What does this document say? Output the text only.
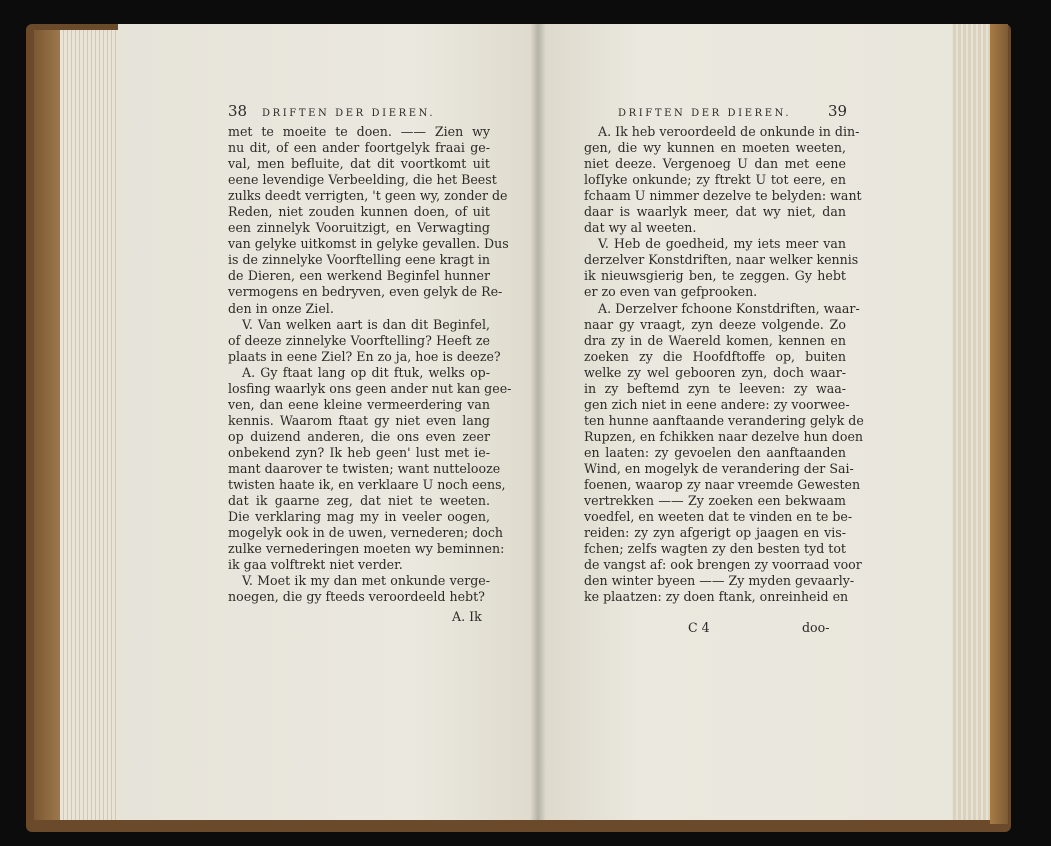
38 DRIFTEN DER DIEREN.
met te moeite te doen. —— Zien wy
nu dit, of een ander foortgelyk fraai ge-
val, men befluite, dat dit voortkomt uit
eene levendige Verbeelding, die het Beest
zulks deedt verrigten, 't geen wy, zonder de
Reden, niet zouden kunnen doen, of uit
een zinnelyk Vooruitzigt, en Verwagting
van gelyke uitkomst in gelyke gevallen. Dus
is de zinnelyke Voorftelling eene kragt in
de Dieren, een werkend Beginfel hunner
vermogens en bedryven, even gelyk de Re-
den in onze Ziel.
V. Van welken aart is dan dit Beginfel,
of deeze zinnelyke Voorftelling? Heeft ze
plaats in eene Ziel? En zo ja, hoe is deeze?
A. Gy ftaat lang op dit ftuk, welks op-
losfing waarlyk ons geen ander nut kan gee-
ven, dan eene kleine vermeerdering van
kennis. Waarom ftaat gy niet even lang
op duizend anderen, die ons even zeer
onbekend zyn? Ik heb geen' lust met ie-
mant daarover te twisten; want nuttelooze
twisten haate ik, en verklaare U noch eens,
dat ik gaarne zeg, dat niet te weeten.
Die verklaring mag my in veeler oogen,
mogelyk ook in de uwen, vernederen; doch
zulke vernederingen moeten wy beminnen:
ik gaa volftrekt niet verder.
V. Moet ik my dan met onkunde verge-
noegen, die gy fteeds veroordeeld hebt?
A. Ik
DRIFTEN DER DIEREN. 39
A. Ik heb veroordeeld de onkunde in din-
gen, die wy kunnen en moeten weeten,
niet deeze. Vergenoeg U dan met eene
lofIyke onkunde; zy ftrekt U tot eere, en
fchaam U nimmer dezelve te belyden: want
daar is waarlyk meer, dat wy niet, dan
dat wy al weeten.
V. Heb de goedheid, my iets meer van
derzelver Konstdriften, naar welker kennis
ik nieuwsgierig ben, te zeggen. Gy hebt
er zo even van gefprooken.
A. Derzelver fchoone Konstdriften, waar-
naar gy vraagt, zyn deeze volgende. Zo
dra zy in de Waereld komen, kennen en
zoeken zy die Hoofdftoffe op, buiten
welke zy wel gebooren zyn, doch waar-
in zy beftemd zyn te leeven: zy waa-
gen zich niet in eene andere: zy voorwee-
ten hunne aanftaande verandering gelyk de
Rupzen, en fchikken naar dezelve hun doen
en laaten: zy gevoelen den aanftaanden
Wind, en mogelyk de verandering der Sai-
foenen, waarop zy naar vreemde Gewesten
vertrekken —— Zy zoeken een bekwaam
voedfel, en weeten dat te vinden en te be-
reiden: zy zyn afgerigt op jaagen en vis-
fchen; zelfs wagten zy den besten tyd tot
de vangst af: ook brengen zy voorraad voor
den winter byeen —— Zy myden gevaarly-
ke plaatzen: zy doen ftank, onreinheid en
C 4	doo-
